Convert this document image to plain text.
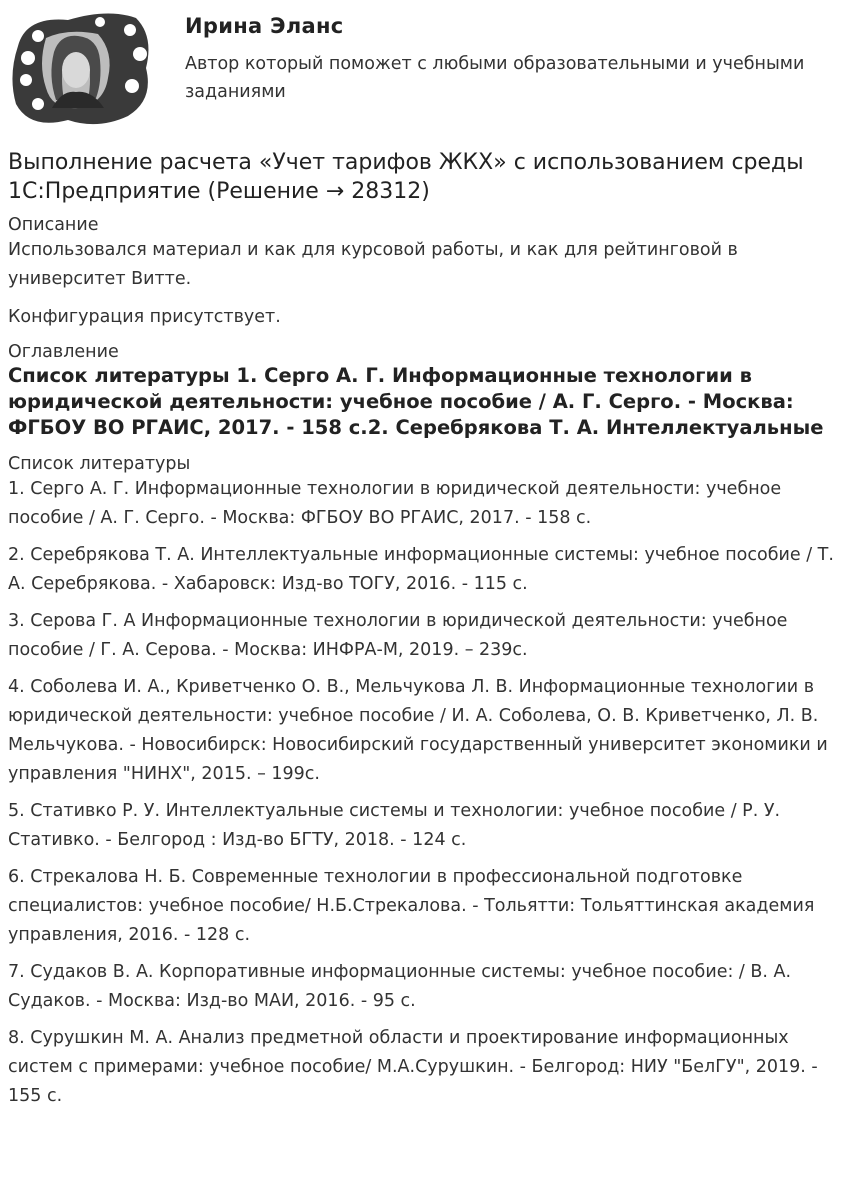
Ирина Эланс
Автор который поможет с любыми образовательными и учебными заданиями
Выполнение расчета «Учет тарифов ЖКХ» с использованием среды 1С:Предприятие (Решение → 28312)

Описание

Использовался материал и как для курсовой работы, и как для рейтинговой в университет Витте.

Конфигурация присутствует.

Оглавление

Список литературы 1. Серго А. Г. Информационные технологии в юридической деятельности: учебное пособие / А. Г. Серго. - Москва: ФГБОУ ВО РГАИС, 2017. - 158 с.2. Серебрякова Т. А. Интеллектуальные

Список литературы

1. Серго А. Г. Информационные технологии в юридической деятельности: учебное пособие / А. Г. Серго. - Москва: ФГБОУ ВО РГАИС, 2017. - 158 с.

2. Серебрякова Т. А. Интеллектуальные информационные системы: учебное пособие / Т. А. Серебрякова. - Хабаровск: Изд-во ТОГУ, 2016. - 115 с.

3. Серова Г. А Информационные технологии в юридической деятельности: учебное пособие / Г. А. Серова. - Москва: ИНФРА-М, 2019. – 239с.

4. Соболева И. А., Криветченко О. В., Мельчукова Л. В. Информационные технологии в юридической деятельности: учебное пособие / И. А. Соболева, О. В. Криветченко, Л. В. Мельчукова. - Новосибирск: Новосибирский государственный университет экономики и управления "НИНХ", 2015. – 199с.

5. Стативко Р. У. Интеллектуальные системы и технологии: учебное пособие / Р. У. Стативко. - Белгород : Изд-во БГТУ, 2018. - 124 с.

6. Стрекалова Н. Б. Современные технологии в профессиональной подготовке специалистов: учебное пособие/ Н.Б.Стрекалова. - Тольятти: Тольяттинская академия управления, 2016. - 128 с.

7. Судаков В. А. Корпоративные информационные системы: учебное пособие: / В. А. Судаков. - Москва: Изд-во МАИ, 2016. - 95 с.

8. Сурушкин М. А. Анализ предметной области и проектирование информационных систем с примерами: учебное пособие/ М.А.Сурушкин. - Белгород: НИУ "БелГУ", 2019. - 155 с.
